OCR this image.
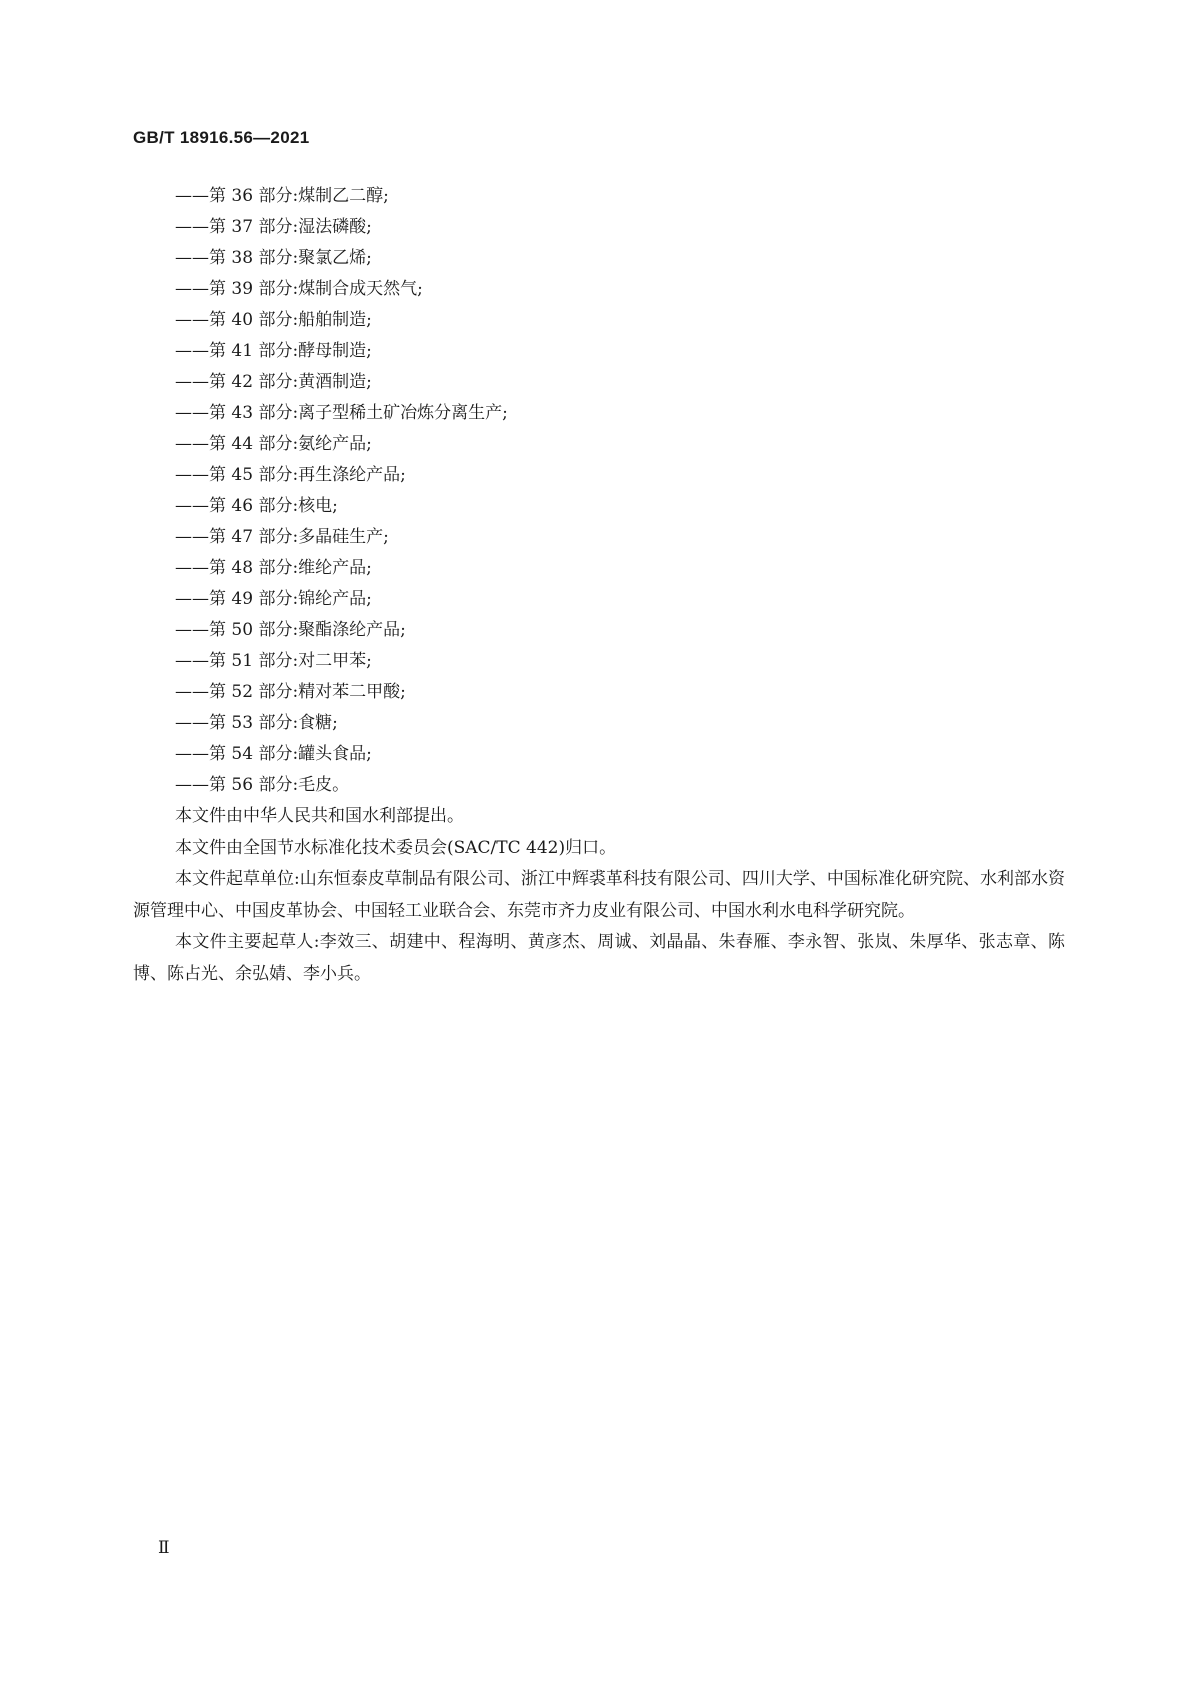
GB/T 18916.56—2021
——第 36 部分:煤制乙二醇;
——第 37 部分:湿法磷酸;
——第 38 部分:聚氯乙烯;
——第 39 部分:煤制合成天然气;
——第 40 部分:船舶制造;
——第 41 部分:酵母制造;
——第 42 部分:黄酒制造;
——第 43 部分:离子型稀土矿冶炼分离生产;
——第 44 部分:氨纶产品;
——第 45 部分:再生涤纶产品;
——第 46 部分:核电;
——第 47 部分:多晶硅生产;
——第 48 部分:维纶产品;
——第 49 部分:锦纶产品;
——第 50 部分:聚酯涤纶产品;
——第 51 部分:对二甲苯;
——第 52 部分:精对苯二甲酸;
——第 53 部分:食糖;
——第 54 部分:罐头食品;
——第 56 部分:毛皮。

本文件由中华人民共和国水利部提出。

本文件由全国节水标准化技术委员会(SAC/TC 442)归口。

本文件起草单位:山东恒泰皮草制品有限公司、浙江中辉裘革科技有限公司、四川大学、中国标准化研究院、水利部水资源管理中心、中国皮革协会、中国轻工业联合会、东莞市齐力皮业有限公司、中国水利水电科学研究院。

本文件主要起草人:李效三、胡建中、程海明、黄彦杰、周诚、刘晶晶、朱春雁、李永智、张岚、朱厚华、张志章、陈博、陈占光、余弘婧、李小兵。

Ⅱ
